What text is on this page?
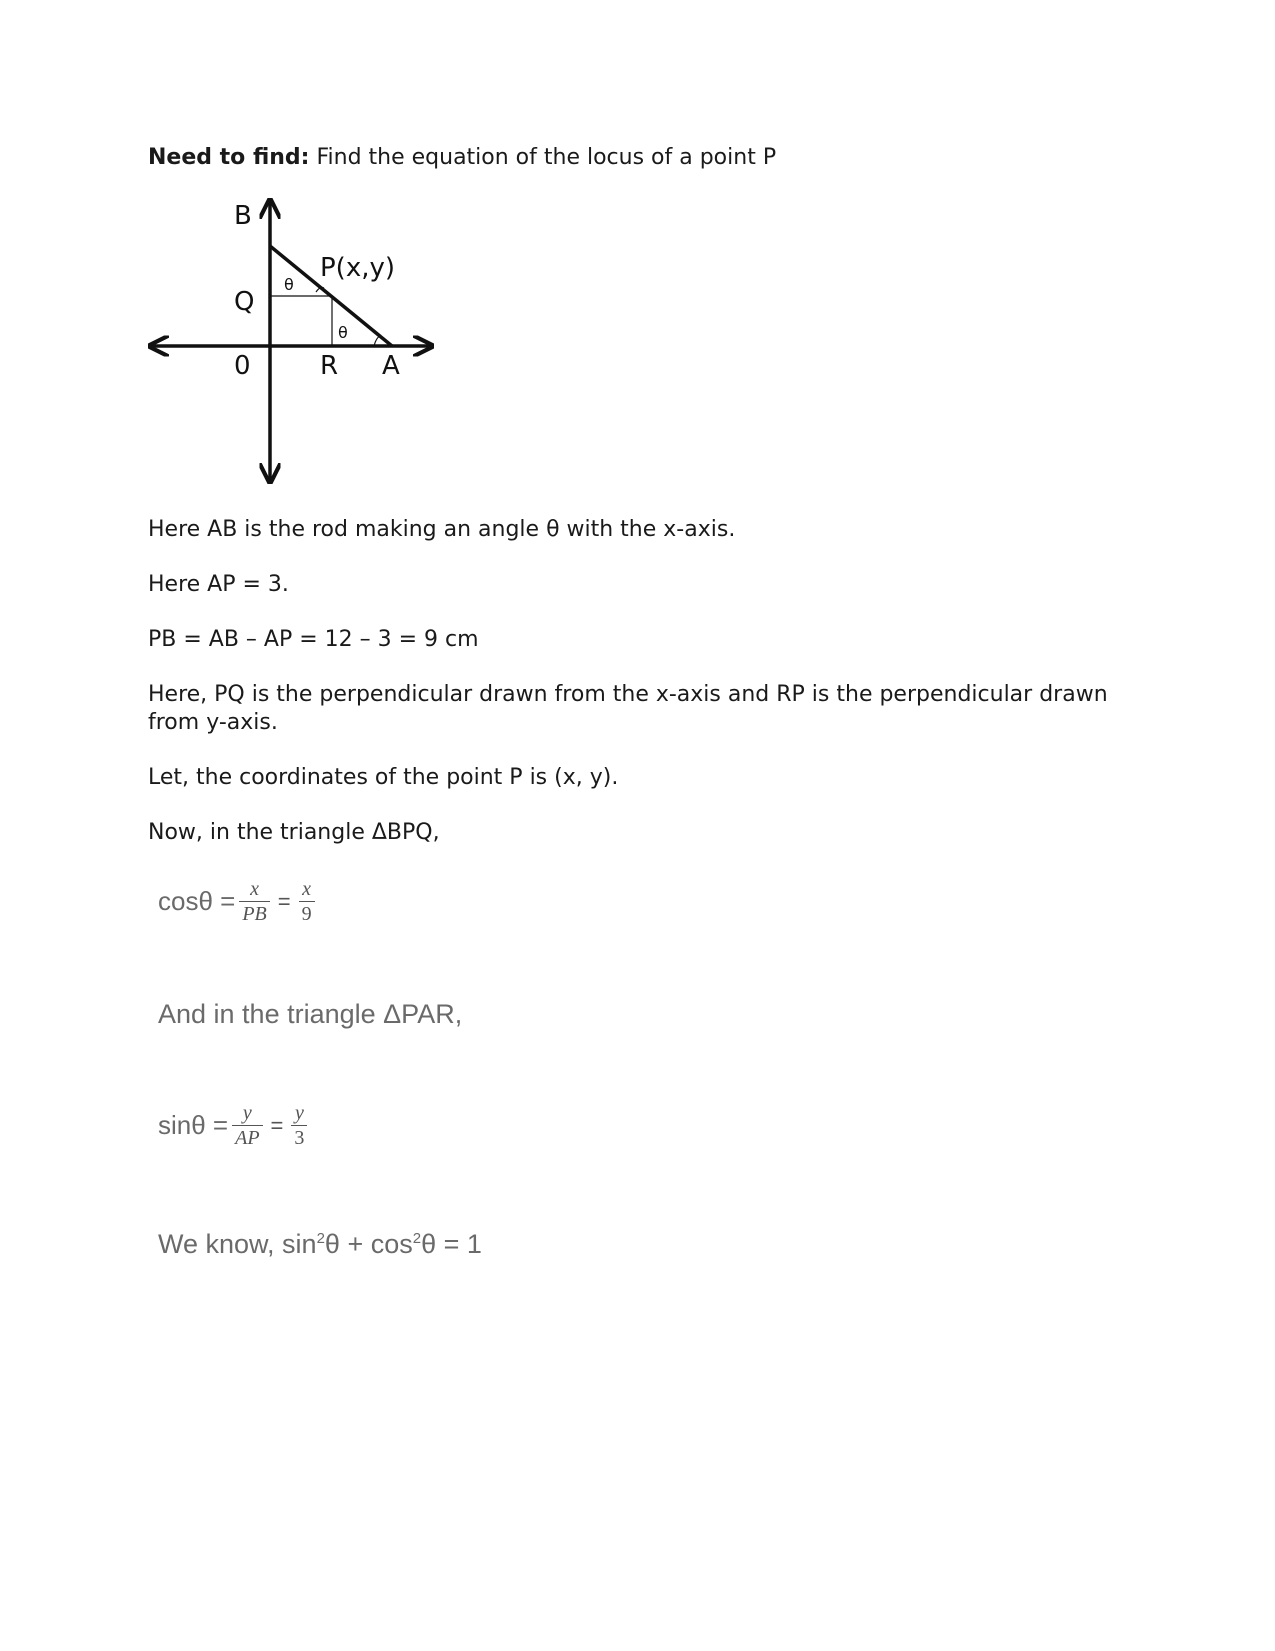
Need to find: Find the equation of the locus of a point P
B
Q
0	R A
P(x,y)
θ
θ
Here AB is the rod making an angle θ with the x-axis.
Here AP = 3.
PB = AB – AP = 12 – 3 = 9 cm
Here, PQ is the perpendicular drawn from the x-axis and RP is the perpendicular drawn from y-axis.
Let, the coordinates of the point P is (x, y).
Now, in the triangle ΔBPQ,
$\cos\theta = \frac{x}{PB} = \frac{x}{9}$
And in the triangle ΔPAR,
$\sin\theta = \frac{y}{AP} = \frac{y}{3}$
We know, $\sin^2\theta + \cos^2\theta = 1$
